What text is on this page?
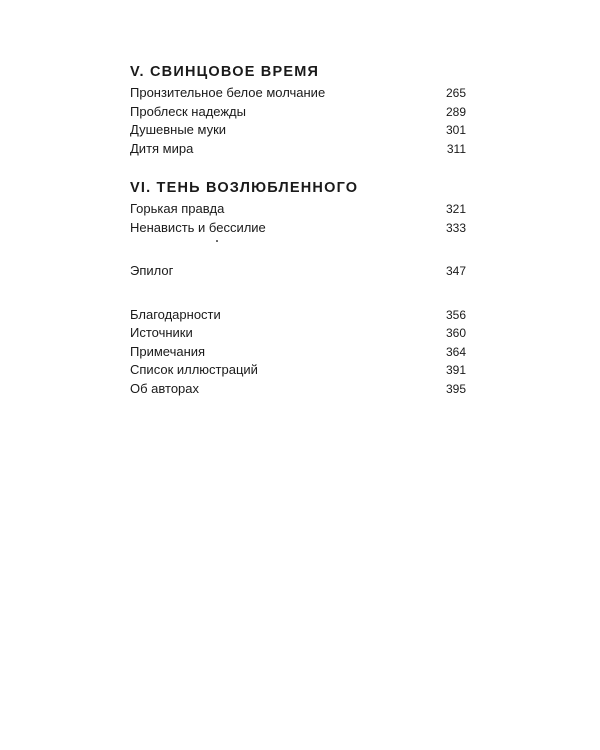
V. СВИНЦОВОЕ ВРЕМЯ
Пронзительное белое молчание	265
Проблеск надежды	289
Душевные муки	301
Дитя мира	311
VI. ТЕНЬ ВОЗЛЮБЛЕННОГО
Горькая правда	321
Ненависть и бессилие	333
Эпилог	347
Благодарности	356
Источники	360
Примечания	364
Список иллюстраций	391
Об авторах	395
